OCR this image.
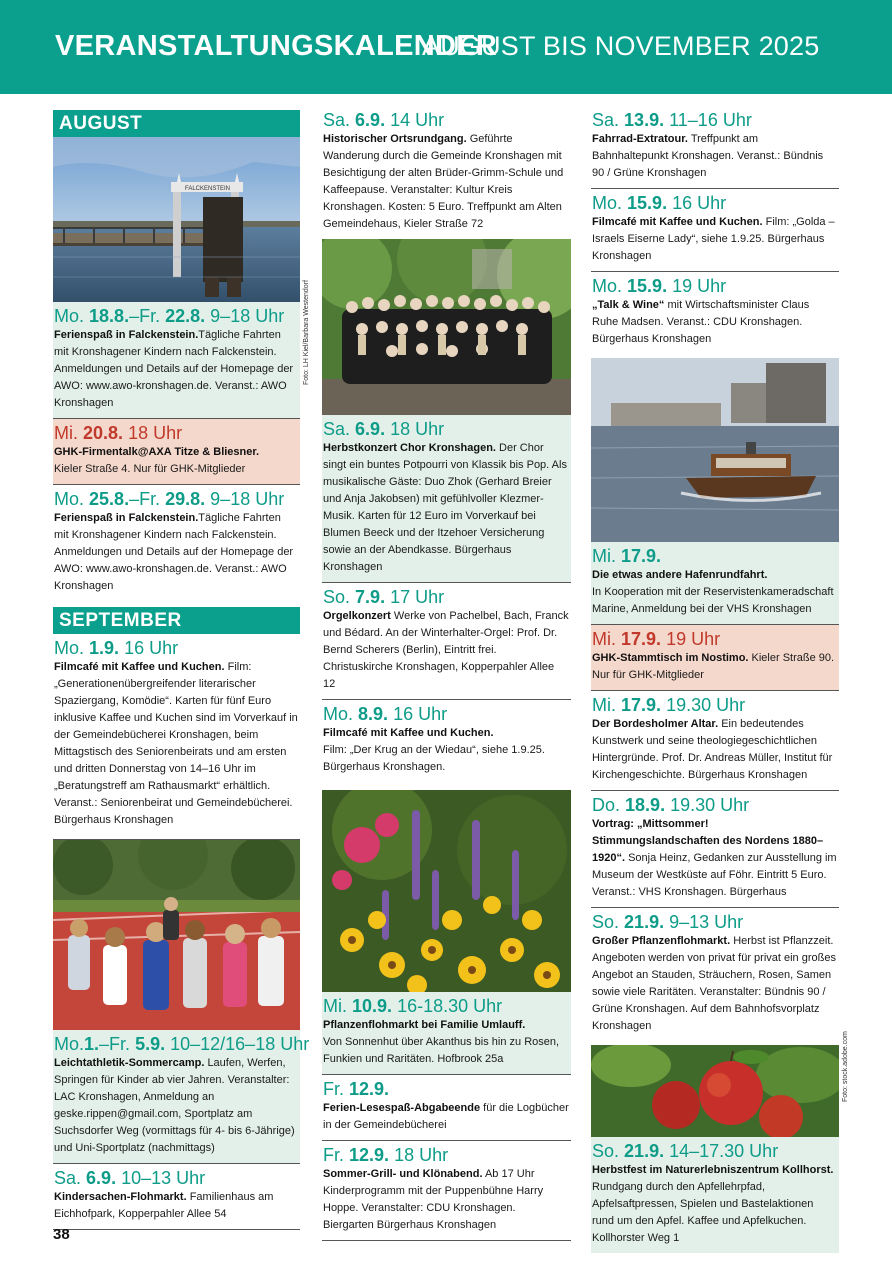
VERANSTALTUNGSKALENDER
AUGUST BIS NOVEMBER 2025
AUGUST
FALCKENSTEIN
Foto: LH Kiel/Barbara Westendorf
Mo. 18.8.–Fr. 22.8. 9–18 Uhr
Ferienspaß in Falckenstein.Tägliche Fahrten mit Kronshagener Kindern nach Falckenstein. Anmeldungen und Details auf der Homepage der AWO: www.awo-kronshagen.de. Veranst.: AWO Kronshagen
Mi. 20.8. 18 Uhr
GHK-Firmentalk@AXA Titze & Bliesner.
Kieler Straße 4. Nur für GHK-Mitglieder
Mo. 25.8.–Fr. 29.8. 9–18 Uhr
Ferienspaß in Falckenstein.Tägliche Fahrten mit Kronshagener Kindern nach Falckenstein. Anmeldungen und Details auf der Homepage der AWO: www.awo-kronshagen.de. Veranst.: AWO Kronshagen
SEPTEMBER
Mo. 1.9. 16 Uhr
Filmcafé mit Kaffee und Kuchen. Film: „Generationenübergreifender literarischer Spaziergang, Komödie“. Karten für fünf Euro inklusive Kaffee und Kuchen sind im Vorverkauf in der Gemeindebücherei Kronshagen, beim Mittagstisch des Seniorenbeirats und am ersten und dritten Donnerstag von 14–16 Uhr im „Beratungstreff am Rathausmarkt“ erhältlich. Veranst.: Seniorenbeirat und Gemeindebücherei. Bürgerhaus Kronshagen
Mo.1.–Fr. 5.9. 10–12/16–18 Uhr
Leichtathletik-Sommercamp. Laufen, Werfen, Springen für Kinder ab vier Jahren. Veranstalter: LAC Kronshagen, Anmeldung an geske.rippen@gmail.com, Sportplatz am Suchsdorfer Weg (vormittags für 4- bis 6-Jährige) und Uni-Sportplatz (nachmittags)
Sa. 6.9. 10–13 Uhr
Kindersachen-Flohmarkt. Familienhaus am Eichhofpark, Kopperpahler Allee 54
Sa. 6.9. 14 Uhr
Historischer Ortsrundgang. Geführte Wanderung durch die Gemeinde Kronshagen mit Besichtigung der alten Brüder-Grimm-Schule und Kaffeepause. Veranstalter: Kultur Kreis Kronshagen. Kosten: 5 Euro. Treffpunkt am Alten Gemeindehaus, Kieler Straße 72
Sa. 6.9. 18 Uhr
Herbstkonzert Chor Kronshagen. Der Chor singt ein buntes Potpourri von Klassik bis Pop. Als musikalische Gäste: Duo Zhok (Gerhard Breier und Anja Jakobsen) mit gefühlvoller Klezmer-Musik. Karten für 12 Euro im Vorverkauf bei Blumen Beeck und der Itzehoer Versicherung sowie an der Abendkasse. Bürgerhaus Kronshagen
So. 7.9. 17 Uhr
Orgelkonzert Werke von Pachelbel, Bach, Franck und Bédard. An der Winterhalter-Orgel: Prof. Dr. Bernd Scherers (Berlin), Eintritt frei. Christuskirche Kronshagen, Kopperpahler Allee 12
Mo. 8.9. 16 Uhr
Filmcafé mit Kaffee und Kuchen.
Film: „Der Krug an der Wiedau“, siehe 1.9.25. Bürgerhaus Kronshagen.
Mi. 10.9. 16-18.30 Uhr
Pflanzenflohmarkt bei Familie Umlauff.
Von Sonnenhut über Akanthus bis hin zu Rosen, Funkien und Raritäten. Hofbrook 25a
Fr. 12.9.
Ferien-Lesespaß-Abgabeende für die Logbücher in der Gemeindebücherei
Fr. 12.9. 18 Uhr
Sommer-Grill- und Klönabend. Ab 17 Uhr Kinderprogramm mit der Puppenbühne Harry Hoppe. Veranstalter: CDU Kronshagen. Biergarten Bürgerhaus Kronshagen
Sa. 13.9. 11–16 Uhr
Fahrrad-Extratour. Treffpunkt am Bahnhaltepunkt Kronshagen. Veranst.: Bündnis 90 / Grüne Kronshagen
Mo. 15.9. 16 Uhr
Filmcafé mit Kaffee und Kuchen. Film: „Golda – Israels Eiserne Lady“, siehe 1.9.25. Bürgerhaus Kronshagen
Mo. 15.9. 19 Uhr
„Talk & Wine“ mit Wirtschaftsminister Claus Ruhe Madsen. Veranst.: CDU Kronshagen. Bürgerhaus Kronshagen
Mi. 17.9.
Die etwas andere Hafenrundfahrt.
In Kooperation mit der Reservistenkameradschaft Marine, Anmeldung bei der VHS Kronshagen
Mi. 17.9. 19 Uhr
GHK-Stammtisch im Nostimo. Kieler Straße 90. Nur für GHK-Mitglieder
Mi. 17.9. 19.30 Uhr
Der Bordesholmer Altar. Ein bedeutendes Kunstwerk und seine theologiegeschichtlichen Hintergründe. Prof. Dr. Andreas Müller, Institut für Kirchengeschichte. Bürgerhaus Kronshagen
Do. 18.9. 19.30 Uhr
Vortrag: „Mittsommer! Stimmungslandschaften des Nordens 1880–1920“. Sonja Heinz, Gedanken zur Ausstellung im Museum der Westküste auf Föhr. Eintritt 5 Euro. Veranst.: VHS Kronshagen. Bürgerhaus
So. 21.9. 9–13 Uhr
Großer Pflanzenflohmarkt. Herbst ist Pflanzzeit. Angeboten werden von privat für privat ein großes Angebot an Stauden, Sträuchern, Rosen, Samen sowie viele Raritäten. Veranstalter: Bündnis 90 / Grüne Kronshagen. Auf dem Bahnhofsvorplatz Kronshagen
So. 21.9. 14–17.30 Uhr
Herbstfest im Naturerlebniszentrum Kollhorst. Rundgang durch den Apfellehrpfad, Apfelsaftpressen, Spielen und Bastelaktionen rund um den Apfel. Kaffee und Apfelkuchen. Kollhorster Weg 1
Foto: stock.adobe.com
38
